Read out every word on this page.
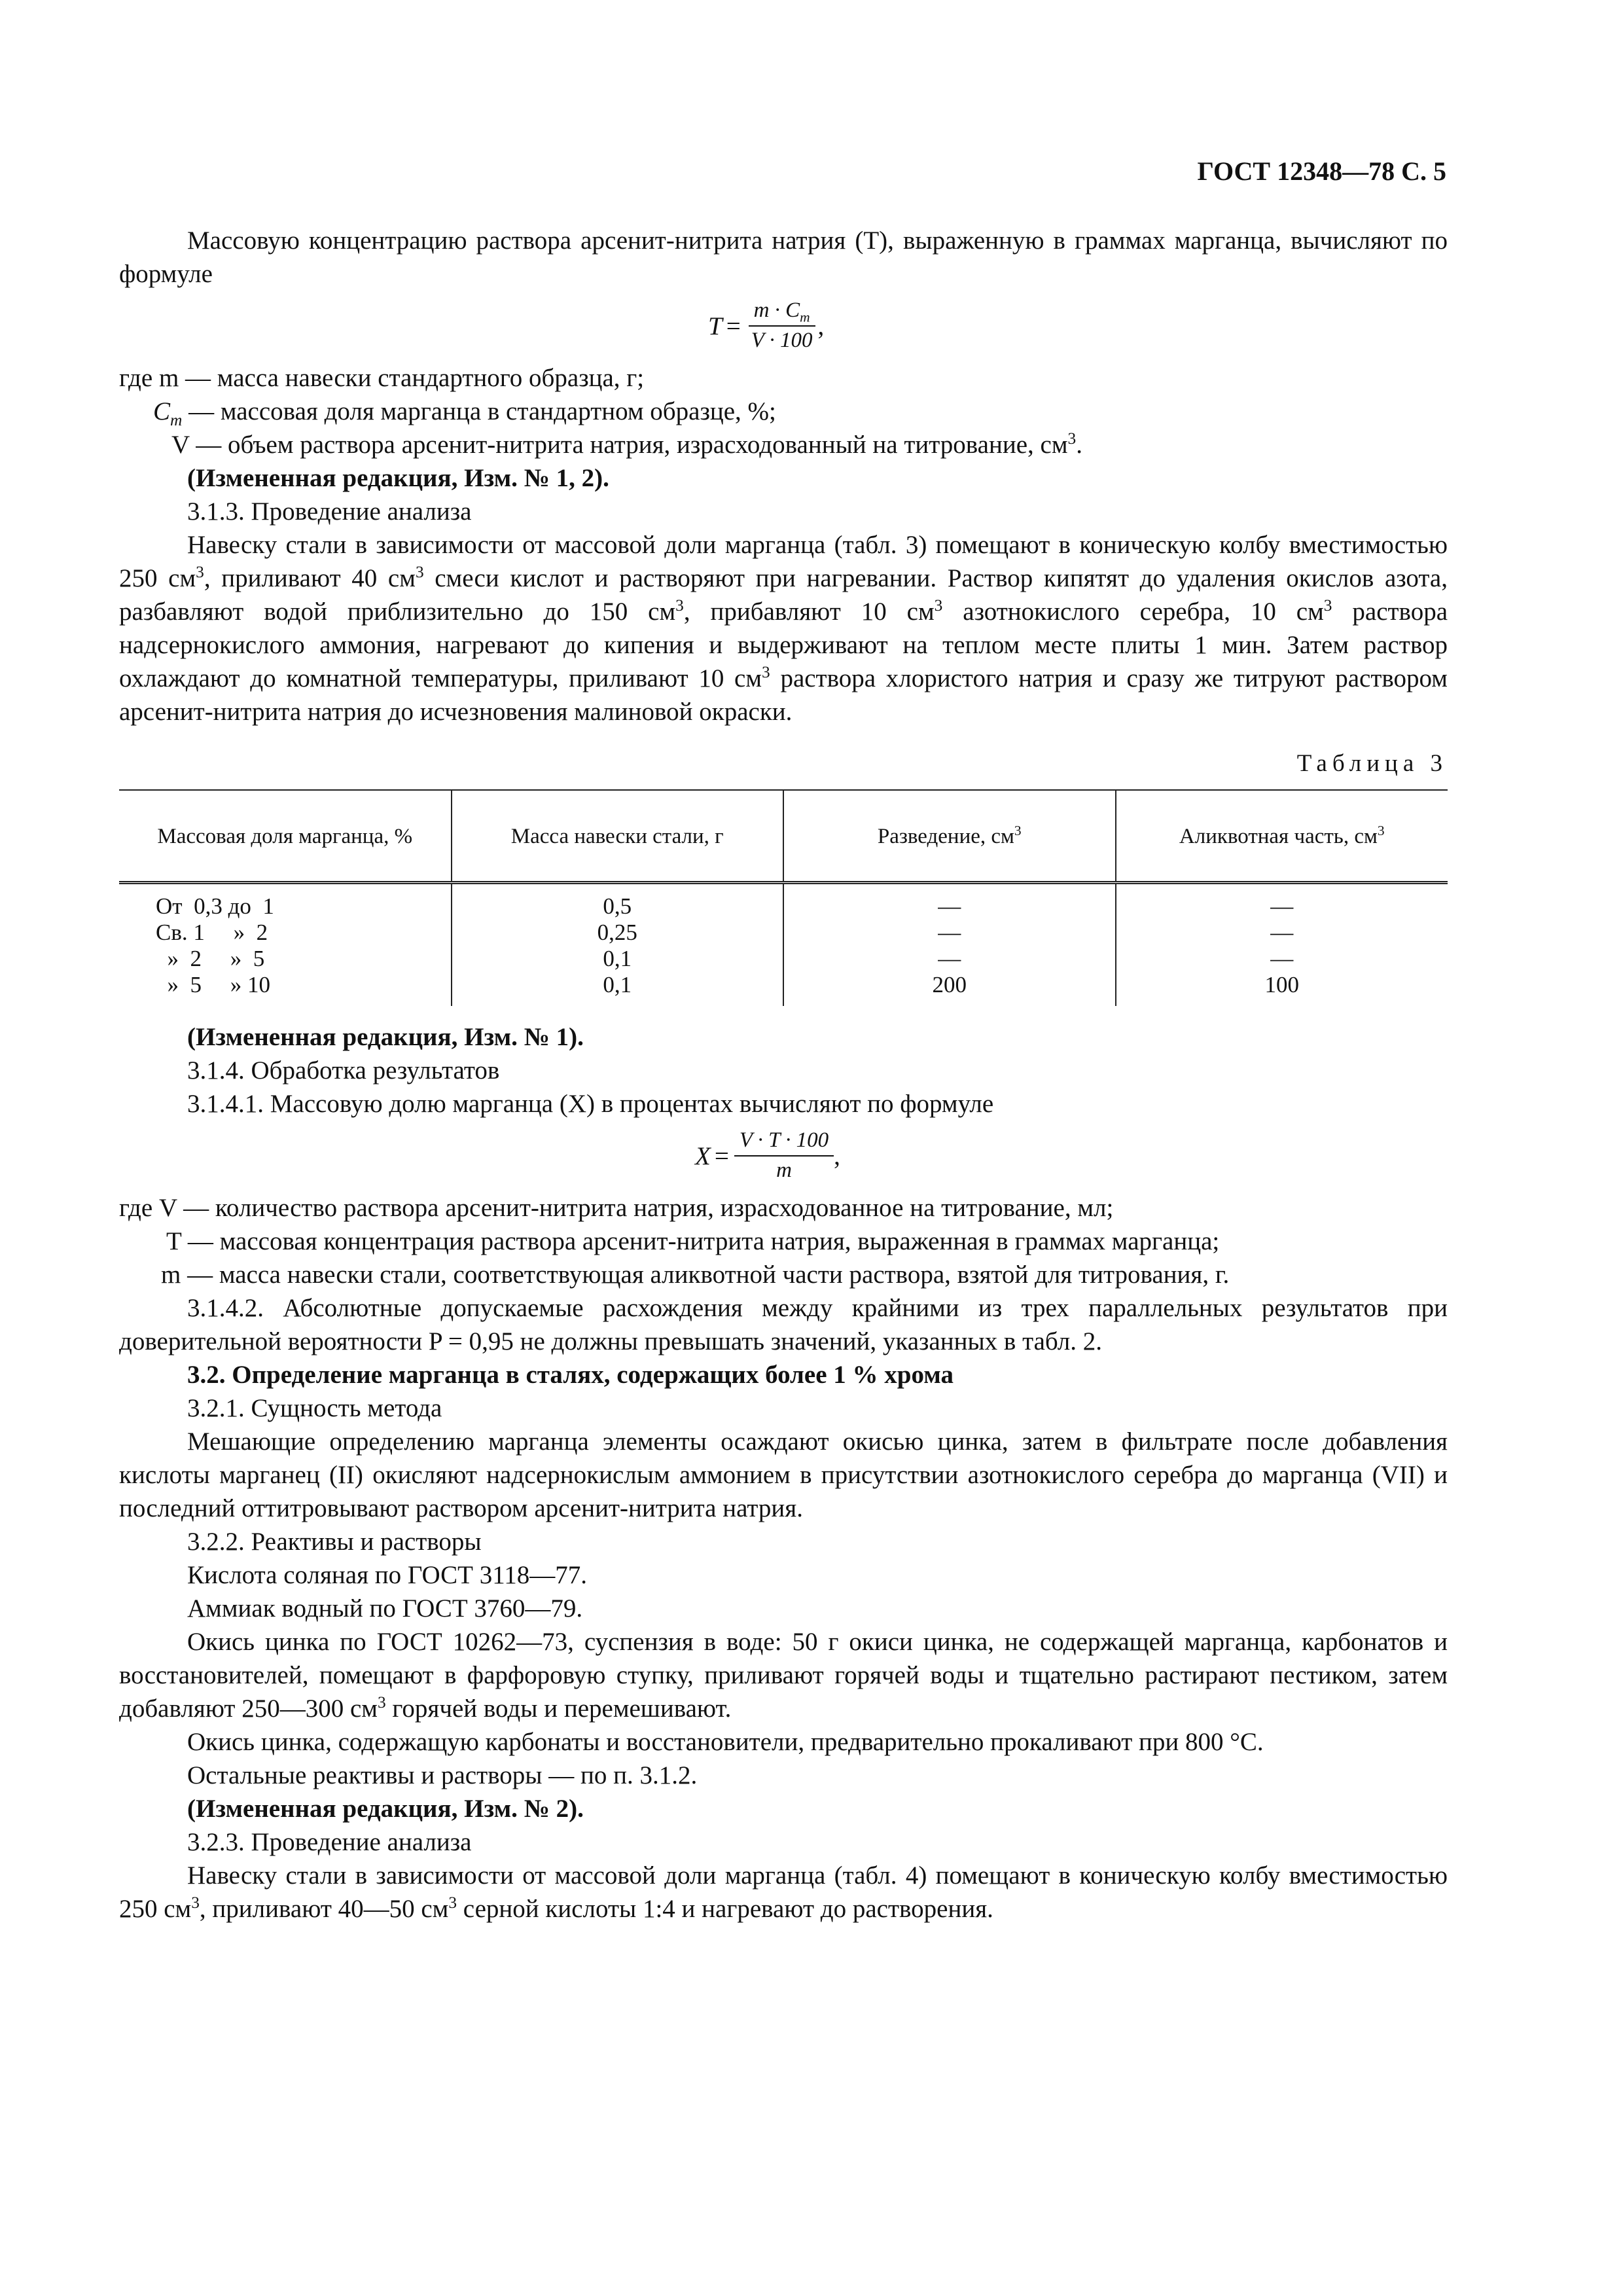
ГОСТ 12348—78 С. 5

Массовую концентрацию раствора арсенит-нитрита натрия (Т), выраженную в граммах марганца, вычисляют по формуле

$T = \frac{m \cdot C_m}{V \cdot 100}$ ,

где m — масса навески стандартного образца, г;

$C_m$ — массовая доля марганца в стандартном образце, %;

V — объем раствора арсенит-нитрита натрия, израсходованный на титрование, $см^3$.

(Измененная редакция, Изм. № 1, 2).

3.1.3. Проведение анализа

Навеску стали в зависимости от массовой доли марганца (табл. 3) помещают в коническую колбу вместимостью 250 $см^3$, приливают 40 $см^3$ смеси кислот и растворяют при нагревании. Раствор кипятят до удаления окислов азота, разбавляют водой приблизительно до 150 $см^3$, прибавляют 10 $см^3$ азотнокислого серебра, 10 $см^3$ раствора надсернокислого аммония, нагревают до кипения и выдерживают на теплом месте плиты 1 мин. Затем раствор охлаждают до комнатной температуры, приливают 10 $см^3$ раствора хлористого натрия и сразу же титруют раствором арсенит-нитрита натрия до исчезновения малиновой окраски.

Таблица 3
Массовая доля марганца, %	Масса навески стали, г	Разведение, $см^3$	Аликвотная часть, $см^3$
От  0,3 до  1	0,5	—	—
Св. 1     »  2	0,25	—	—
»  2     »  5	0,1	—	—
»  5     » 10	0,1	200	100

(Измененная редакция, Изм. № 1).

3.1.4. Обработка результатов

3.1.4.1. Массовую долю марганца (Х) в процентах вычисляют по формуле

$X = \frac{V \cdot T \cdot 100}{m}$ ,

где V — количество раствора арсенит-нитрита натрия, израсходованное на титрование, мл;

T — массовая концентрация раствора арсенит-нитрита натрия, выраженная в граммах марганца;

m — масса навески стали, соответствующая аликвотной части раствора, взятой для титрования, г.

3.1.4.2. Абсолютные допускаемые расхождения между крайними из трех параллельных результатов при доверительной вероятности P = 0,95 не должны превышать значений, указанных в табл. 2.

3.2. Определение марганца в сталях, содержащих более 1 % хрома

3.2.1. Сущность метода

Мешающие определению марганца элементы осаждают окисью цинка, затем в фильтрате после добавления кислоты марганец (II) окисляют надсернокислым аммонием в присутствии азотнокислого серебра до марганца (VII) и последний оттитровывают раствором арсенит-нитрита натрия.

3.2.2. Реактивы и растворы

Кислота соляная по ГОСТ 3118—77.

Аммиак водный по ГОСТ 3760—79.

Окись цинка по ГОСТ 10262—73, суспензия в воде: 50 г окиси цинка, не содержащей марганца, карбонатов и восстановителей, помещают в фарфоровую ступку, приливают горячей воды и тщательно растирают пестиком, затем добавляют 250—300 $см^3$ горячей воды и перемешивают.

Окись цинка, содержащую карбонаты и восстановители, предварительно прокаливают при 800 °С.

Остальные реактивы и растворы — по п. 3.1.2.

(Измененная редакция, Изм. № 2).

3.2.3. Проведение анализа

Навеску стали в зависимости от массовой доли марганца (табл. 4) помещают в коническую колбу вместимостью 250 $см^3$, приливают 40—50 $см^3$ серной кислоты 1:4 и нагревают до растворения.
